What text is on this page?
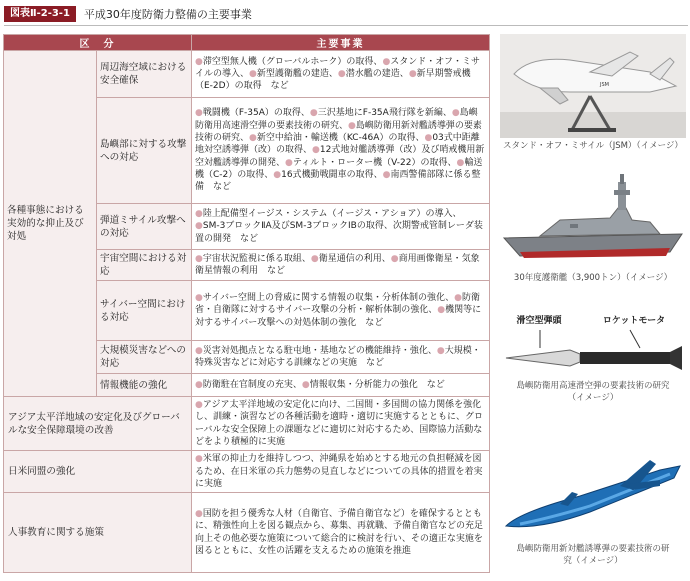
図表Ⅱ-2-3-1	平成30年度防衛力整備の主要事業
区　分		主要事業
各種事態における実効的な抑止及び対処	周辺海空域における安全確保	●滞空型無人機（グローバルホーク）の取得、●スタンド・オフ・ミサイルの導入、●新型護衛艦の建造、●潜水艦の建造、●新早期警戒機（E-2D）の取得　など
	島嶼部に対する攻撃への対応	●戦闘機（F-35A）の取得、●三沢基地にF-35A飛行隊を新編、●島嶼防衛用高速滑空弾の要素技術の研究、●島嶼防衛用新対艦誘導弾の要素技術の研究、●新空中給油・輸送機（KC-46A）の取得、●03式中距離地対空誘導弾（改）の取得、●12式地対艦誘導弾（改）及び哨戒機用新空対艦誘導弾の開発、●ティルト・ローター機（V-22）の取得、●輸送機（C-2）の取得、●16式機動戦闘車の取得、●南西警備部隊に係る整備　など
	弾道ミサイル攻撃への対応	●陸上配備型イージス・システム（イージス・アショア）の導入、●SM-3ブロックⅡA及びSM-3ブロックⅠBの取得、次期警戒管制レーダ装置の開発　など
	宇宙空間における対応	●宇宙状況監視に係る取組、●衛星通信の利用、●商用画像衛星・気象衛星情報の利用　など
	サイバー空間における対応	●サイバー空間上の脅威に関する情報の収集・分析体制の強化、●防衛省・自衛隊に対するサイバー攻撃の分析・解析体制の強化、●機関等に対するサイバー攻撃への対処体制の強化　など
	大規模災害などへの対応	●災害対処拠点となる駐屯地・基地などの機能維持・強化、●大規模・特殊災害などに対応する訓練などの実施　など
	情報機能の強化	●防衛駐在官制度の充実、●情報収集・分析能力の強化　など
アジア太平洋地域の安定化及びグローバルな安全保障環境の改善		●アジア太平洋地域の安定化に向け、二国間・多国間の協力関係を強化し、訓練・演習などの各種活動を適時・適切に実施するとともに、グローバルな安全保障上の課題などに適切に対応するため、国際協力活動などをより積極的に実施
日米同盟の強化		●米軍の抑止力を維持しつつ、沖縄県を始めとする地元の負担軽減を図るため、在日米軍の兵力態勢の見直しなどについての具体的措置を着実に実施
人事教育に関する施策		●国防を担う優秀な人材（自衛官、予備自衛官など）を確保するとともに、精強性向上を図る観点から、募集、再就職、予備自衛官などの充足向上その他必要な施策について総合的に検討を行い、その適正な実施を図るとともに、女性の活躍を支えるための施策を推進
JSM
スタンド・オフ・ミサイル（JSM）（イメージ）
30年度護衛艦（3,900トン）（イメージ）
滑空型弾頭	ロケットモータ
島嶼防衛用高速滑空弾の要素技術の研究（イメージ）
島嶼防衛用新対艦誘導弾の要素技術の研究（イメージ）
